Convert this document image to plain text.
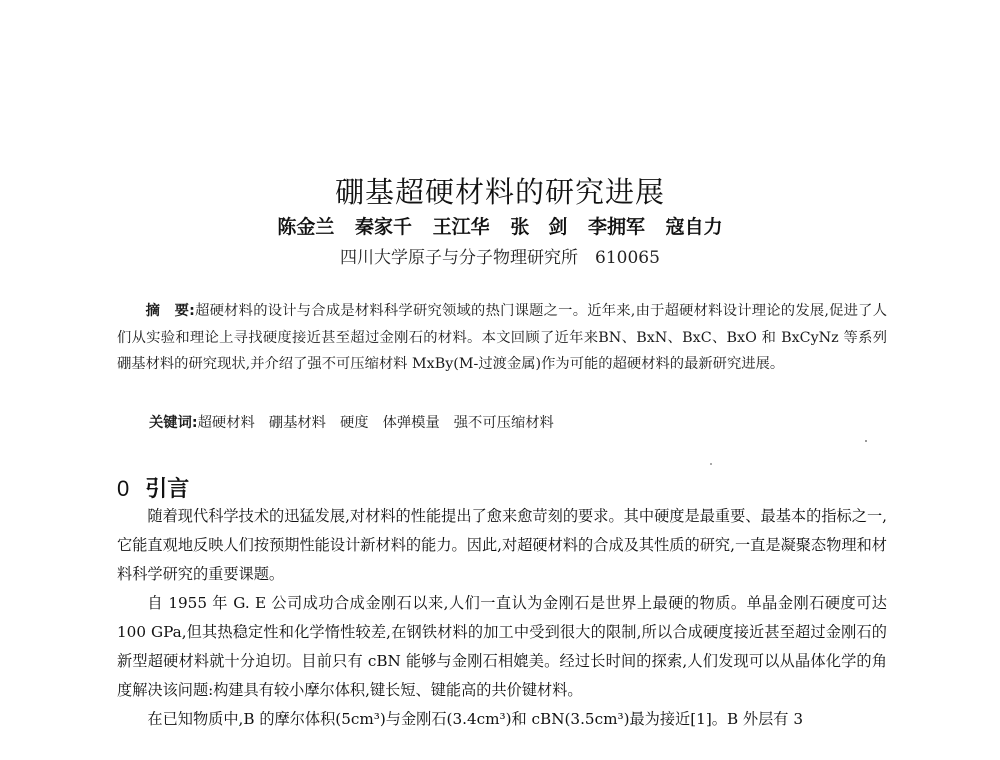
硼基超硬材料的研究进展
陈金兰 秦家千 王江华 张　剑 李拥军 寇自力
四川大学原子与分子物理研究所　610065
摘　要:超硬材料的设计与合成是材料科学研究领域的热门课题之一。近年来,由于超硬材料设计理论的发展,促进了人们从实验和理论上寻找硬度接近甚至超过金刚石的材料。本文回顾了近年来BN、BxN、BxC、BxO 和 BxCyNz 等系列硼基材料的研究现状,并介绍了强不可压缩材料 MxBy(M-过渡金属)作为可能的超硬材料的最新研究进展。
关键词:超硬材料 硼基材料 硬度 体弹模量 强不可压缩材料
0 引言

随着现代科学技术的迅猛发展,对材料的性能提出了愈来愈苛刻的要求。其中硬度是最重要、最基本的指标之一,它能直观地反映人们按预期性能设计新材料的能力。因此,对超硬材料的合成及其性质的研究,一直是凝聚态物理和材料科学研究的重要课题。

自 1955 年 G. E 公司成功合成金刚石以来,人们一直认为金刚石是世界上最硬的物质。单晶金刚石硬度可达 100 GPa,但其热稳定性和化学惰性较差,在钢铁材料的加工中受到很大的限制,所以合成硬度接近甚至超过金刚石的新型超硬材料就十分迫切。目前只有 cBN 能够与金刚石相媲美。经过长时间的探索,人们发现可以从晶体化学的角度解决该问题:构建具有较小摩尔体积,键长短、键能高的共价键材料。

在已知物质中,B 的摩尔体积(5cm³)与金刚石(3.4cm³)和 cBN(3.5cm³)最为接近[1]。B 外层有 3
